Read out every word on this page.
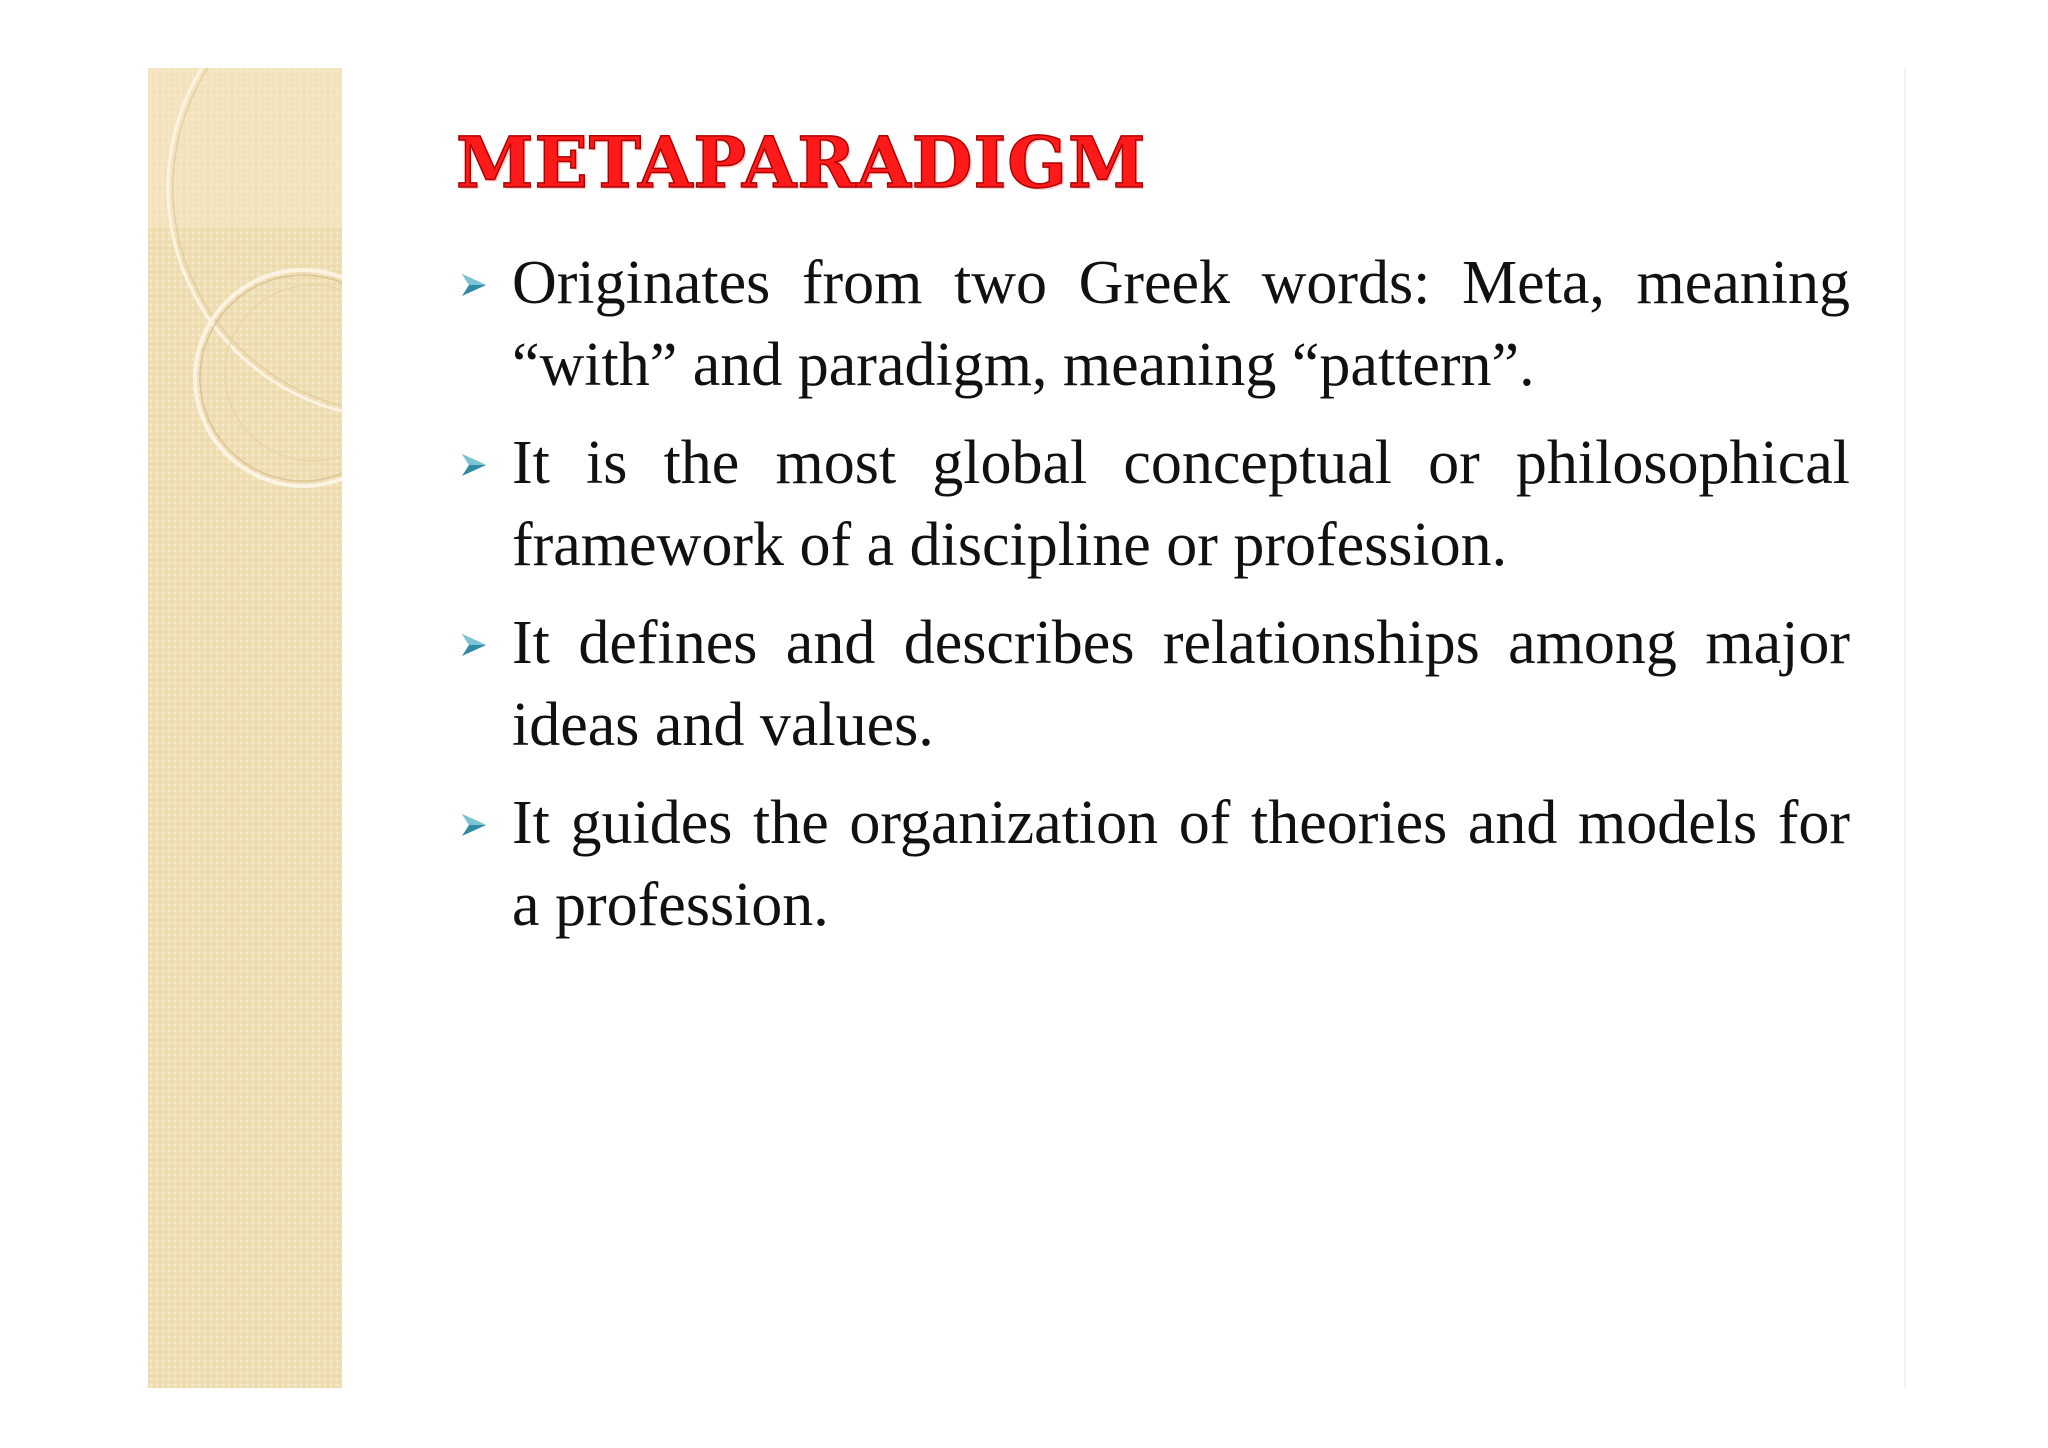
METAPARADIGM
Originates from two Greek words: Meta, meaning “with” and paradigm, meaning “pattern”.
It is the most global conceptual or philosophical framework of a discipline or profession.
It defines and describes relationships among major ideas and values.
It guides the organization of theories and models for a profession.
